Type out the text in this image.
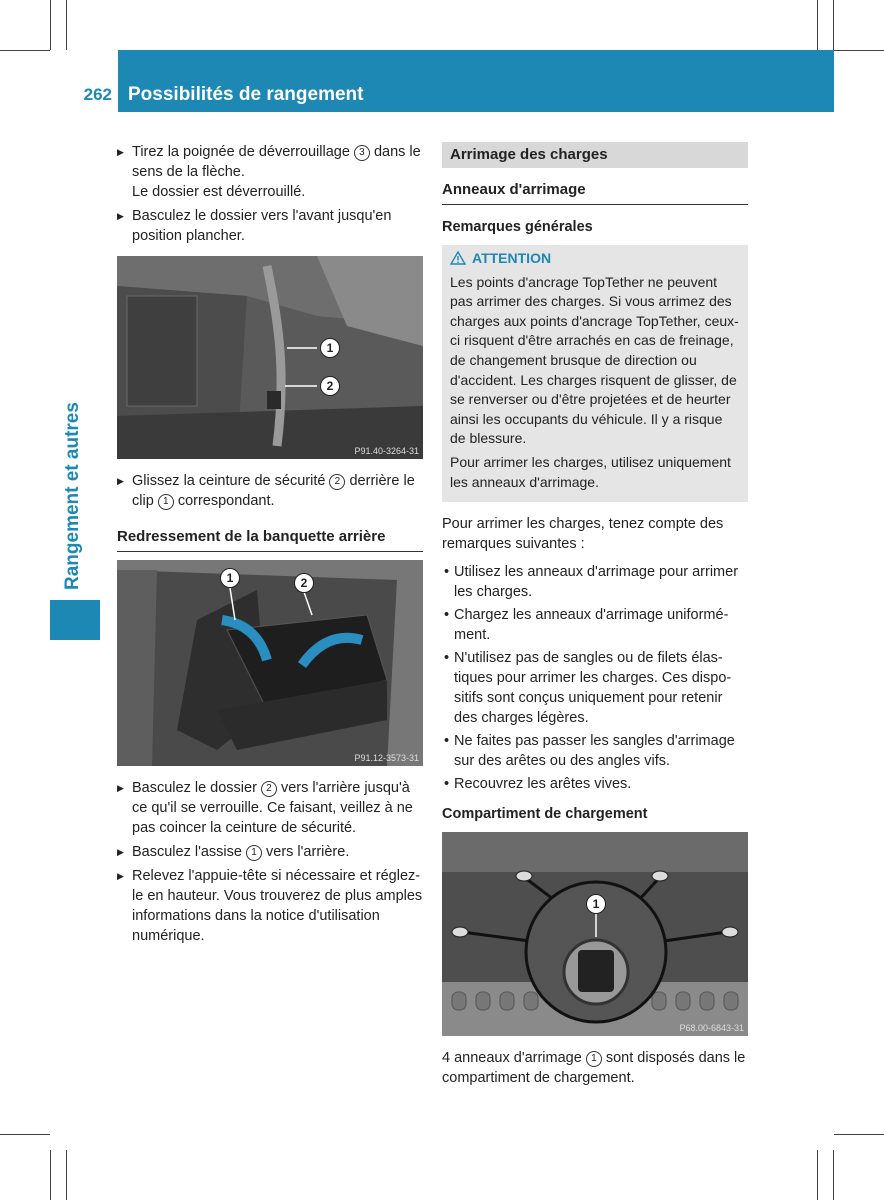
262 Possibilités de rangement
Rangement et autres

▶ Tirez la poignée de déverrouillage 3 dans le sens de la flèche.

Le dossier est déverrouillé.

▶ Basculez le dossier vers l'avant jusqu'en position plancher.

1
2
P91.40-3264-31

▶ Glissez la ceinture de sécurité 2 derrière le clip 1 correspondant.

Redressement de la banquette arrière
1	2
P91.12-3573-31

▶ Basculez le dossier 2 vers l'arrière jusqu'à ce qu'il se verrouille. Ce faisant, veillez à ne pas coincer la ceinture de sécurité.

▶ Basculez l'assise 1 vers l'arrière.

▶ Relevez l'appuie-tête si nécessaire et réglez-le en hauteur. Vous trouverez de plus amples informations dans la notice d'utilisation numérique.

Arrimage des charges
Anneaux d'arrimage
Remarques générales
ATTENTION

Les points d'ancrage TopTether ne peuvent pas arrimer des charges. Si vous arrimez des charges aux points d'ancrage TopTether, ceux-ci risquent d'être arrachés en cas de freinage, de changement brusque de direction ou d'accident. Les charges risquent de glisser, de se renverser ou d'être projetées et de heurter ainsi les occupants du véhicule. Il y a risque de blessure.

Pour arrimer les charges, utilisez uniquement les anneaux d'arrimage.

Pour arrimer les charges, tenez compte des remarques suivantes :

• Utilisez les anneaux d'arrimage pour arrimer les charges.
• Chargez les anneaux d'arrimage uniformément.
• N'utilisez pas de sangles ou de filets élastiques pour arrimer les charges. Ces dispositifs sont conçus uniquement pour retenir des charges légères.
• Ne faites pas passer les sangles d'arrimage sur des arêtes ou des angles vifs.
• Recouvrez les arêtes vives.
Compartiment de chargement
1
P68.00-6843-31

4 anneaux d'arrimage 1 sont disposés dans le compartiment de chargement.
